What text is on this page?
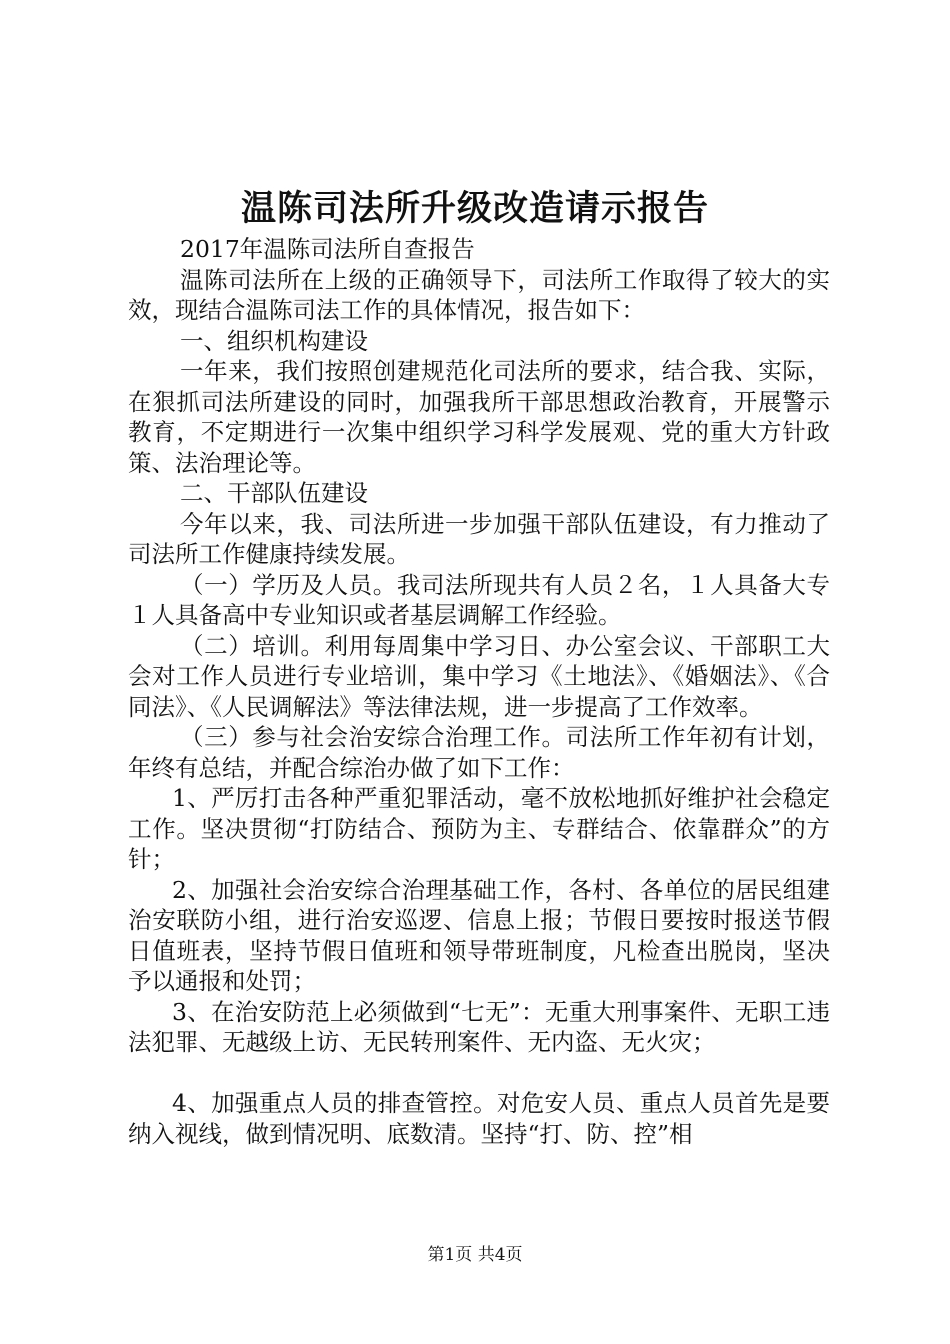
温陈司法所升级改造请示报告

2017年温陈司法所自查报告

温陈司法所在上级的正确领导下，司法所工作取得了较大的实效，现结合温陈司法工作的具体情况，报告如下：

一、组织机构建设

一年来，我们按照创建规范化司法所的要求，结合我、实际，在狠抓司法所建设的同时，加强我所干部思想政治教育，开展警示教育，不定期进行一次集中组织学习科学发展观、党的重大方针政策、法治理论等。

二、干部队伍建设

今年以来，我、司法所进一步加强干部队伍建设，有力推动了司法所工作健康持续发展。

（一）学历及人员。我司法所现共有人员２名，１人具备大专１人具备高中专业知识或者基层调解工作经验。

（二）培训。利用每周集中学习日、办公室会议、干部职工大会对工作人员进行专业培训，集中学习《土地法》、《婚姻法》、《合同法》、《人民调解法》等法律法规，进一步提高了工作效率。

（三）参与社会治安综合治理工作。司法所工作年初有计划，年终有总结，并配合综治办做了如下工作：

1、严厉打击各种严重犯罪活动，毫不放松地抓好维护社会稳定工作。坚决贯彻“打防结合、预防为主、专群结合、依靠群众”的方针；

2、加强社会治安综合治理基础工作，各村、各单位的居民组建治安联防小组，进行治安巡逻、信息上报；节假日要按时报送节假日值班表，坚持节假日值班和领导带班制度，凡检查出脱岗，坚决予以通报和处罚；

3、在治安防范上必须做到“七无”：无重大刑事案件、无职工违法犯罪、无越级上访、无民转刑案件、无内盗、无火灾；

4、加强重点人员的排查管控。对危安人员、重点人员首先是要纳入视线，做到情况明、底数清。坚持“打、防、控”相

第1页 共4页
